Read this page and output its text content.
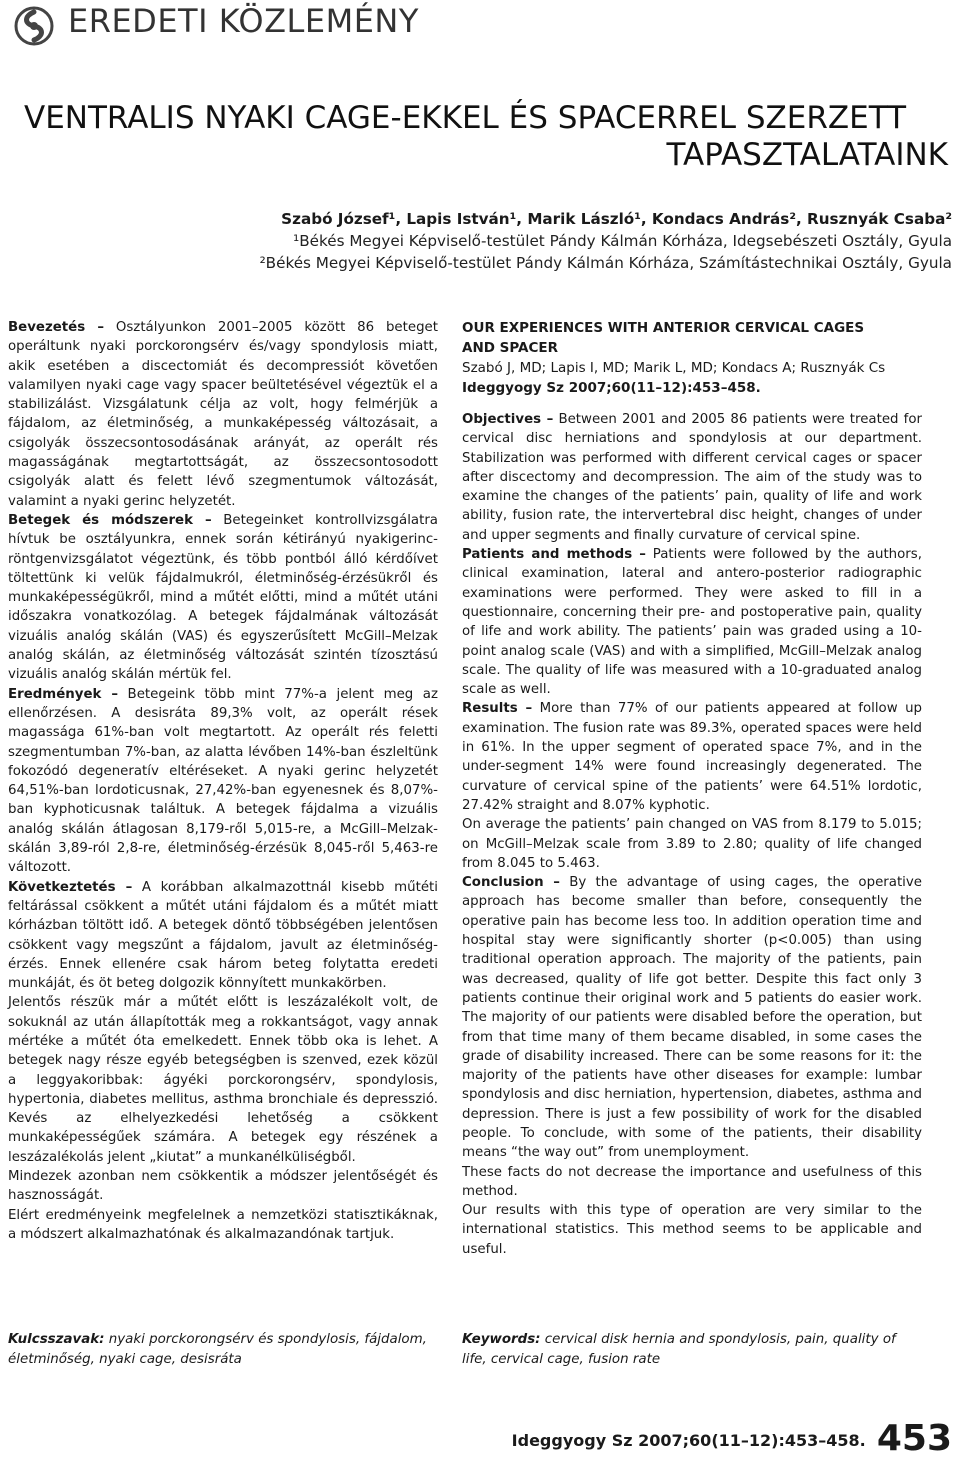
EREDETI KÖZLEMÉNY
VENTRALIS NYAKI CAGE-EKKEL ÉS SPACERREL SZERZETT
TAPASZTALATAINK
Szabó József¹, Lapis István¹, Marik László¹, Kondacs András², Rusznyák Csaba²
¹Békés Megyei Képviselő-testület Pándy Kálmán Kórháza, Idegsebészeti Osztály, Gyula
²Békés Megyei Képviselő-testület Pándy Kálmán Kórháza, Számítástechnikai Osztály, Gyula

Bevezetés – Osztályunkon 2001–2005 között 86 beteget operáltunk nyaki porckorongsérv és/vagy spondylosis miatt, akik esetében a discectomiát és decompressiót követően valamilyen nyaki cage vagy spacer beültetésével végeztük el a stabilizálást. Vizsgálatunk célja az volt, hogy felmérjük a fájdalom, az életminőség, a munkaképesség változásait, a csigolyák összecsontosodásának arányát, az operált rés magasságának megtartottságát, az összecsontosodott csigolyák alatt és felett lévő szegmentumok változását, valamint a nyaki gerinc helyzetét.

Betegek és módszerek – Betegeinket kontrollvizsgálatra hívtuk be osztályunkra, ennek során kétirányú nyakigerinc-röntgenvizsgálatot végeztünk, és több pontból álló kérdőívet töltettünk ki velük fájdalmukról, életminőség-érzésükről és munkaképességükről, mind a műtét előtti, mind a műtét utáni időszakra vonatkozólag. A betegek fájdalmának változását vizuális analóg skálán (VAS) és egyszerűsített McGill–Melzak analóg skálán, az életminőség változását szintén tízosztású vizuális analóg skálán mértük fel.

Eredmények – Betegeink több mint 77%-a jelent meg az ellenőrzésen. A desisráta 89,3% volt, az operált rések magassága 61%-ban volt megtartott. Az operált rés feletti szegmentumban 7%-ban, az alatta lévőben 14%-ban észleltünk fokozódó degeneratív eltéréseket. A nyaki gerinc helyzetét 64,51%-ban lordoticusnak, 27,42%-ban egyenesnek és 8,07%-ban kyphoticusnak találtuk. A betegek fájdalma a vizuális analóg skálán átlagosan 8,179-ről 5,015-re, a McGill–Melzak-skálán 3,89-ról 2,8-re, életminőség-érzésük 8,045-ről 5,463-re változott.

Következtetés – A korábban alkalmazottnál kisebb műtéti feltárással csökkent a műtét utáni fájdalom és a műtét miatt kórházban töltött idő. A betegek döntő többségében jelentősen csökkent vagy megszűnt a fájdalom, javult az életminőség-érzés. Ennek ellenére csak három beteg folytatta eredeti munkáját, és öt beteg dolgozik könnyített munkakörben.

Jelentős részük már a műtét előtt is leszázalékolt volt, de sokuknál az után állapították meg a rokkantságot, vagy annak mértéke a műtét óta emelkedett. Ennek több oka is lehet. A betegek nagy része egyéb betegségben is szenved, ezek közül a leggyakoribbak: ágyéki porckorongsérv, spondylosis, hypertonia, diabetes mellitus, asthma bronchiale és depresszió. Kevés az elhelyezkedési lehetőség a csökkent munkaképességűek számára. A betegek egy részének a leszázalékolás jelent „kiutat” a munkanélküliségből.

Mindezek azonban nem csökkentik a módszer jelentőségét és hasznosságát.

Elért eredményeink megfelelnek a nemzetközi statisztikáknak, a módszert alkalmazhatónak és alkalmazandónak tartjuk.

OUR EXPERIENCES WITH ANTERIOR CERVICAL CAGES
AND SPACER
Szabó J, MD; Lapis I, MD; Marik L, MD; Kondacs A; Rusznyák Cs
Ideggyogy Sz 2007;60(11–12):453–458.

Objectives – Between 2001 and 2005 86 patients were treated for cervical disc herniations and spondylosis at our department. Stabilization was performed with different cervical cages or spacer after discectomy and decompression. The aim of the study was to examine the changes of the patients’ pain, quality of life and work ability, fusion rate, the intervertebral disc height, changes of under and upper segments and finally curvature of cervical spine.

Patients and methods – Patients were followed by the authors, clinical examination, lateral and antero-posterior radiographic examinations were performed. They were asked to fill in a questionnaire, concerning their pre- and postoperative pain, quality of life and work ability. The patients’ pain was graded using a 10-point analog scale (VAS) and with a simplified, McGill–Melzak analog scale. The quality of life was measured with a 10-graduated analog scale as well.

Results – More than 77% of our patients appeared at follow up examination. The fusion rate was 89.3%, operated spaces were held in 61%. In the upper segment of operated space 7%, and in the under-segment 14% were found increasingly degenerated. The curvature of cervical spine of the patients’ were 64.51% lordotic, 27.42% straight and 8.07% kyphotic.

On average the patients’ pain changed on VAS from 8.179 to 5.015; on McGill–Melzak scale from 3.89 to 2.80; quality of life changed from 8.045 to 5.463.

Conclusion – By the advantage of using cages, the operative approach has become smaller than before, consequently the operative pain has become less too. In addition operation time and hospital stay were significantly shorter (p<0.005) than using traditional operation approach. The majority of the patients, pain was decreased, quality of life got better. Despite this fact only 3 patients continue their original work and 5 patients do easier work. The majority of our patients were disabled before the operation, but from that time many of them became disabled, in some cases the grade of disability increased. There can be some reasons for it: the majority of the patients have other diseases for example: lumbar spondylosis and disc herniation, hypertension, diabetes, asthma and depression. There is just a few possibility of work for the disabled people. To conclude, with some of the patients, their disability means “the way out” from unemployment.

These facts do not decrease the importance and usefulness of this method.

Our results with this type of operation are very similar to the international statistics. This method seems to be applicable and useful.

Kulcsszavak: nyaki porckorongsérv és spondylosis, fájdalom, életminőség, nyaki cage, desisráta
Keywords: cervical disk hernia and spondylosis, pain, quality of life, cervical cage, fusion rate
Ideggyogy Sz 2007;60(11–12):453–458. 453
